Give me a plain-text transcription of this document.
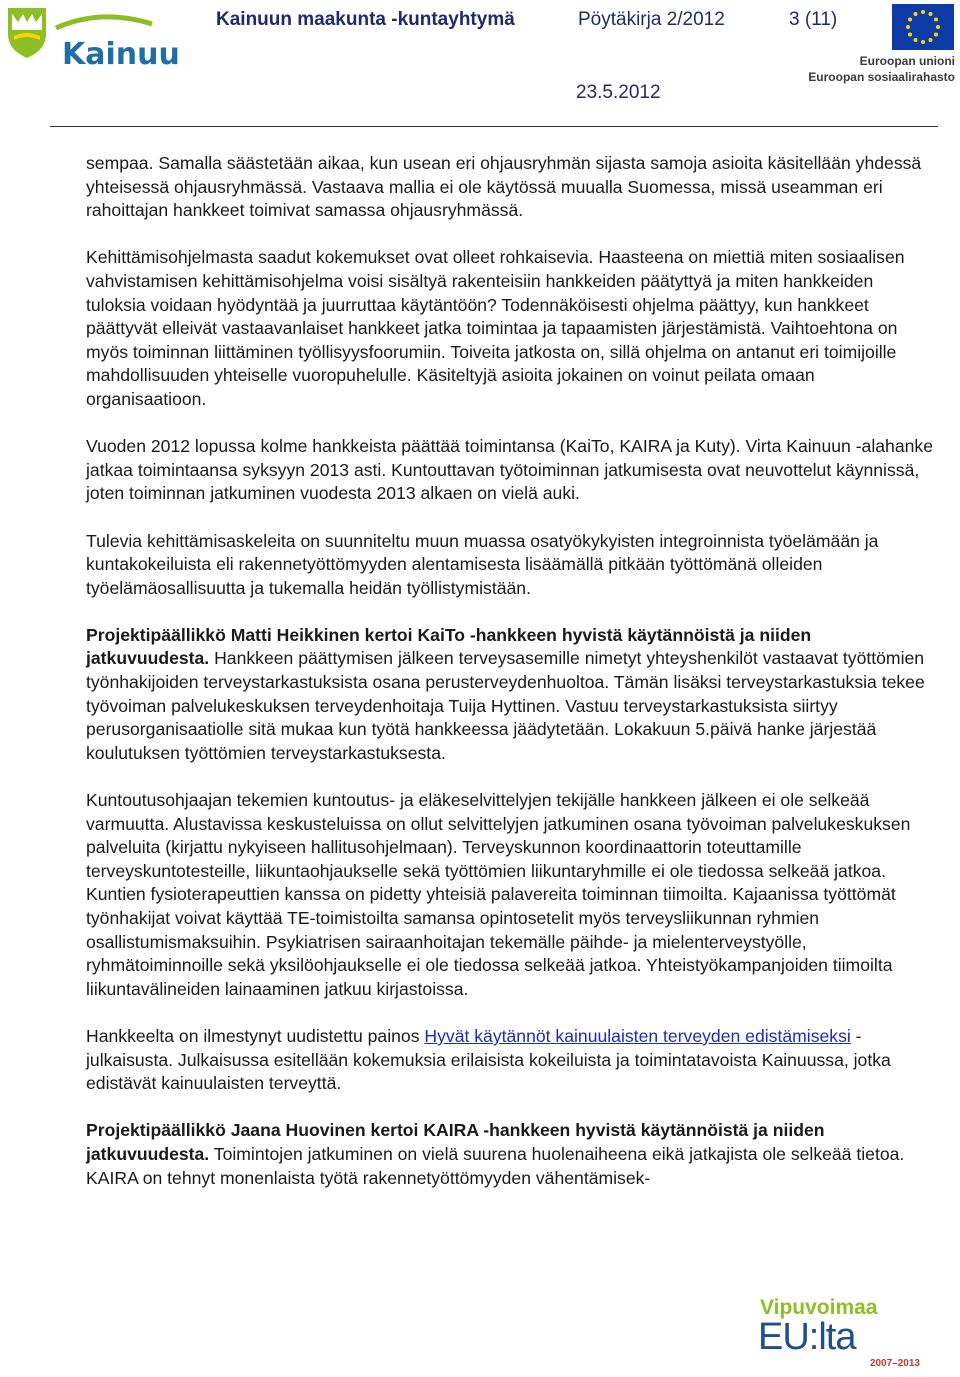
Kainuu
Kainuun maakunta -kuntayhtymä	Pöytäkirja 2/2012	3 (11)
23.5.2012
Euroopan unioni
Euroopan sosiaalirahasto

sempaa. Samalla säästetään aikaa, kun usean eri ohjausryhmän sijasta samoja asioita käsitellään yhdessä yhteisessä ohjausryhmässä. Vastaava mallia ei ole käytössä muualla Suomessa, missä useamman eri rahoittajan hankkeet toimivat samassa ohjausryhmässä.

Kehittämisohjelmasta saadut kokemukset ovat olleet rohkaisevia. Haasteena on miettiä miten sosiaalisen vahvistamisen kehittämisohjelma voisi sisältyä rakenteisiin hankkeiden päätyttyä ja miten hankkeiden tuloksia voidaan hyödyntää ja juurruttaa käytäntöön? Todennäköisesti ohjelma päättyy, kun hankkeet päättyvät elleivät vastaavanlaiset hankkeet jatka toimintaa ja tapaamisten järjestämistä. Vaihtoehtona on myös toiminnan liittäminen työllisyysfoorumiin. Toiveita jatkosta on, sillä ohjelma on antanut eri toimijoille mahdollisuuden yhteiselle vuoropuhelulle. Käsiteltyjä asioita jokainen on voinut peilata omaan organisaatioon.

Vuoden 2012 lopussa kolme hankkeista päättää toimintansa (KaiTo, KAIRA ja Kuty). Virta Kainuun -alahanke jatkaa toimintaansa syksyyn 2013 asti. Kuntouttavan työtoiminnan jatkumisesta ovat neuvottelut käynnissä, joten toiminnan jatkuminen vuodesta 2013 alkaen on vielä auki.

Tulevia kehittämisaskeleita on suunniteltu muun muassa osatyökykyisten integroinnista työelämään ja kuntakokeiluista eli rakennetyöttömyyden alentamisesta lisäämällä pitkään työttömänä olleiden työelämäosallisuutta ja tukemalla heidän työllistymistään.

Projektipäällikkö Matti Heikkinen kertoi KaiTo -hankkeen hyvistä käytännöistä ja niiden jatkuvuudesta. Hankkeen päättymisen jälkeen terveysasemille nimetyt yhteyshenkilöt vastaavat työttömien työnhakijoiden terveystarkastuksista osana perusterveydenhuoltoa. Tämän lisäksi terveystarkastuksia tekee työvoiman palvelukeskuksen terveydenhoitaja Tuija Hyttinen. Vastuu terveystarkastuksista siirtyy perusorganisaatiolle sitä mukaa kun työtä hankkeessa jäädytetään. Lokakuun 5.päivä hanke järjestää koulutuksen työttömien terveystarkastuksesta.

Kuntoutusohjaajan tekemien kuntoutus- ja eläkeselvittelyjen tekijälle hankkeen jälkeen ei ole selkeää varmuutta. Alustavissa keskusteluissa on ollut selvittelyjen jatkuminen osana työvoiman palvelukeskuksen palveluita (kirjattu nykyiseen hallitusohjelmaan). Terveyskunnon koordinaattorin toteuttamille terveyskuntotesteille, liikuntaohjaukselle sekä työttömien liikuntaryhmille ei ole tiedossa selkeää jatkoa. Kuntien fysioterapeuttien kanssa on pidetty yhteisiä palavereita toiminnan tiimoilta. Kajaanissa työttömät työnhakijat voivat käyttää TE-toimistoilta samansa opintosetelit myös terveysliikunnan ryhmien osallistumismaksuihin. Psykiatrisen sairaanhoitajan tekemälle päihde- ja mielenterveystyölle, ryhmätoiminnoille sekä yksilöohjaukselle ei ole tiedossa selkeää jatkoa. Yhteistyökampanjoiden tiimoilta liikuntavälineiden lainaaminen jatkuu kirjastoissa.

Hankkeelta on ilmestynyt uudistettu painos Hyvät käytännöt kainuulaisten terveyden edistämiseksi -julkaisusta. Julkaisussa esitellään kokemuksia erilaisista kokeiluista ja toimintatavoista Kainuussa, jotka edistävät kainuulaisten terveyttä.

Projektipäällikkö Jaana Huovinen kertoi KAIRA -hankkeen hyvistä käytännöistä ja niiden jatkuvuudesta. Toimintojen jatkuminen on vielä suurena huolenaiheena eikä jatkajista ole selkeää tietoa. KAIRA on tehnyt monenlaista työtä rakennetyöttömyyden vähentämisek-

Vipuvoimaa
EU:lta
2007–2013
